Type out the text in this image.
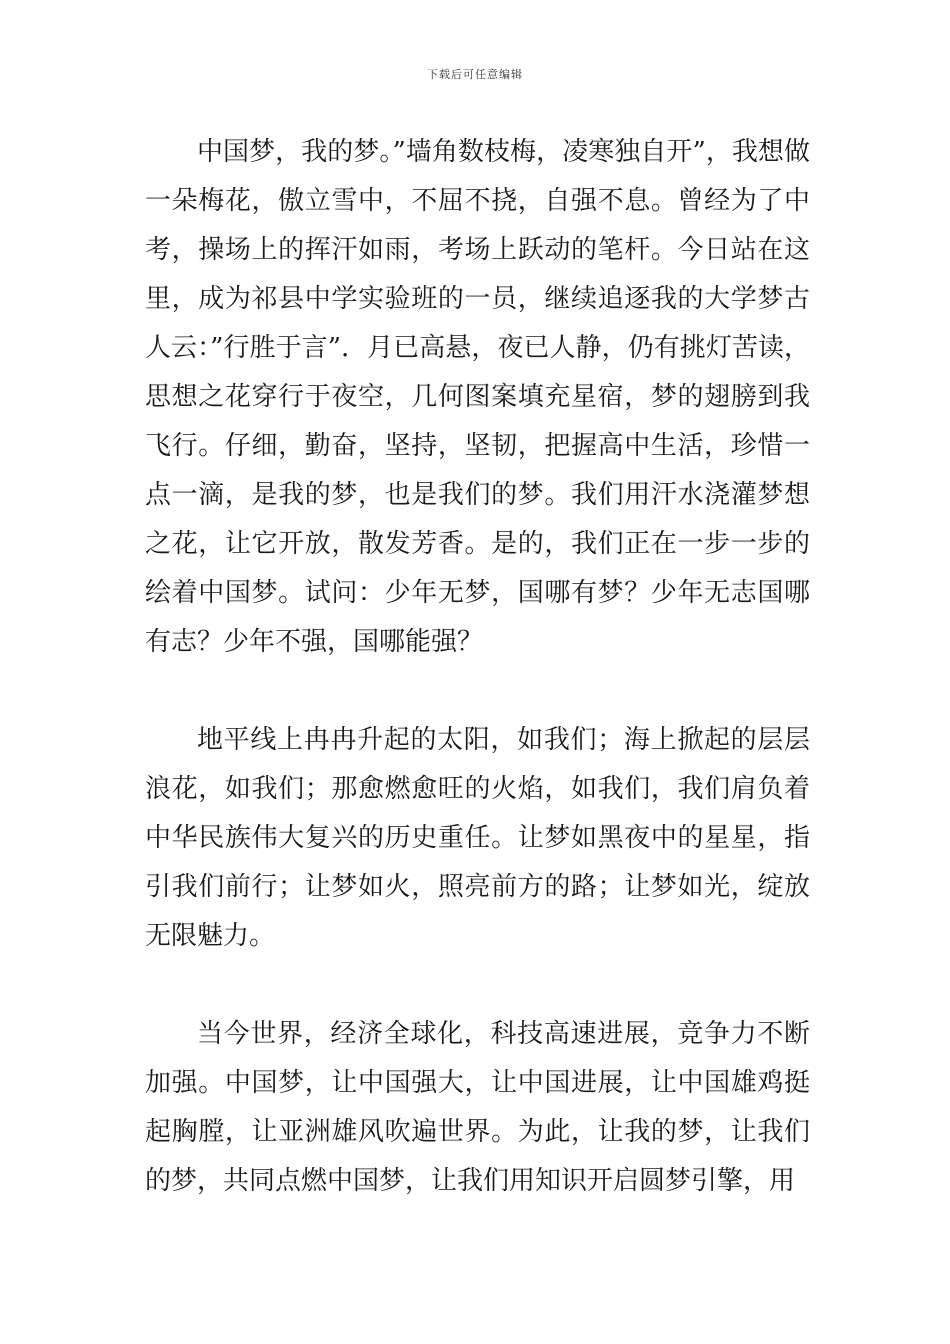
下载后可任意编辑

中国梦，我的梦。”墙角数枝梅，凌寒独自开”，我想做一朵梅花，傲立雪中，不屈不挠，自强不息。曾经为了中考，操场上的挥汗如雨，考场上跃动的笔杆。今日站在这里，成为祁县中学实验班的一员，继续追逐我的大学梦古人云：”行胜于言”．月已高悬，夜已人静，仍有挑灯苦读，思想之花穿行于夜空，几何图案填充星宿，梦的翅膀到我飞行。仔细，勤奋，坚持，坚韧，把握高中生活，珍惜一点一滴，是我的梦，也是我们的梦。我们用汗水浇灌梦想之花，让它开放，散发芳香。是的，我们正在一步一步的绘着中国梦。试问：少年无梦，国哪有梦？少年无志国哪有志？少年不强，国哪能强？

地平线上冉冉升起的太阳，如我们；海上掀起的层层浪花，如我们；那愈燃愈旺的火焰，如我们，我们肩负着中华民族伟大复兴的历史重任。让梦如黑夜中的星星，指引我们前行；让梦如火，照亮前方的路；让梦如光，绽放无限魅力。

当今世界，经济全球化，科技高速进展，竞争力不断加强。中国梦，让中国强大，让中国进展，让中国雄鸡挺起胸膛，让亚洲雄风吹遍世界。为此，让我的梦，让我们的梦，共同点燃中国梦，让我们用知识开启圆梦引擎，用
